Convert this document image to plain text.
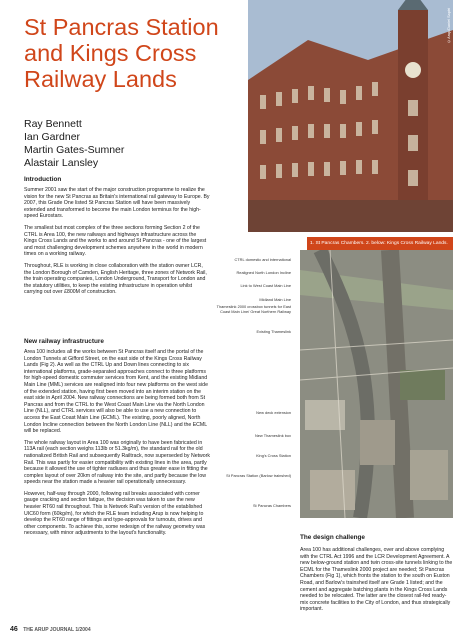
St Pancras Station
and Kings Cross
Railway Lands
Ray Bennett
Ian Gardner
Martin Gates-Sumner
Alastair Lansley
Introduction

Summer 2001 saw the start of the major construction programme to realize the vision for the new St Pancras as Britain's international rail gateway to Europe. By 2007, this Grade One listed St Pancras Station will have been massively extended and transformed to become the main London terminus for the high-speed Eurostars.

The smallest but most complex of the three sections forming Section 2 of the CTRL is Area 100, the new railways and highways infrastructure across the Kings Cross Lands and the works to and around St Pancras - one of the largest and most challenging development schemes anywhere in the world in modern times on a working railway.

Throughout, RLE is working in close collaboration with the station owner LCR, the London Borough of Camden, English Heritage, three zones of Network Rail, the train operating companies, London Underground, Transport for London and the statutory utilities, to keep the existing infrastructure in operation whilst carrying out over £800M of construction.

New railway infrastructure

Area 100 includes all the works between St Pancras itself and the portal of the London Tunnels at Gifford Street, on the east side of the Kings Cross Railway Lands (Fig 2). As well as the CTRL Up and Down lines connecting to six international platforms, grade-separated approaches connect to three platforms for high-speed domestic commuter services from Kent, and the existing Midland Main Line (MML) services are realigned into four new platforms on the west side of the extended station, having first been moved into an interim station on the east side in April 2004. New railway connections are being formed both from St Pancras and from the CTRL to the West Coast Main Line via the North London Line (NLL), and CTRL services will also be able to use a new connection to access the East Coast Main Line (ECML). The existing, poorly aligned, North London Incline connection between the North London Line (NLL) and the ECML will be replaced.

The whole railway layout in Area 100 was originally to have been fabricated in 113A rail (each section weighs 113lb or 51.3kg/m), the standard rail for the old nationalized British Rail and subsequently Railtrack, now superseded by Network Rail. This was partly for easier compatibility with existing lines in the area, partly because it allowed the use of tighter radiuses and thus greater ease in fitting the complex layout of over 20km of railway into the site, and partly because the low speeds near the station made a heavier rail operationally unnecessary.

However, half-way through 2000, following rail breaks associated with corner gauge cracking and section fatigue, the decision was taken to use the new heavier RT60 rail throughout. This is Network Rail's version of the established UIC60 form (60kg/m), for which the RLE team including Arup is now helping to develop the RT60 range of fittings and type-approvals for turnouts, drives and other components. To achieve this, some redesign of the railway geometry was necessary, with minor adjustments to the layout's functionality.

©Arup/Daniel Saptri
1. St Pancras Chambers. 2. below: Kings Cross Railway Lands.
CTRL domestic and international
Realigned North London Incline
Link to West Coast Main Line
Midland Main Line
Thameslink 2000 crossbox tunnels for East Coast Main Line/ Great Northern Railway
Existing Thameslink
New deck extension
New Thameslink box
King's Cross Station
St Pancras Station (Barlow trainshed)
St Pancras Chambers
The design challenge
Area 100 has additional challenges, over and above complying with the CTRL Act 1996 and the LCR Development Agreement. A new below-ground station and twin cross-site tunnels linking to the ECML for the Thameslink 2000 project are needed; St Pancras Chambers (Fig 1), which fronts the station to the south on Euston Road, and Barlow's trainshed itself are Grade 1 listed; and the cement and aggregate batching plants in the Kings Cross Lands needed to be relocated. The latter are the closest rail-fed ready-mix concrete facilities to the City of London, and thus strategically important.
46 THE ARUP JOURNAL 1/2004
